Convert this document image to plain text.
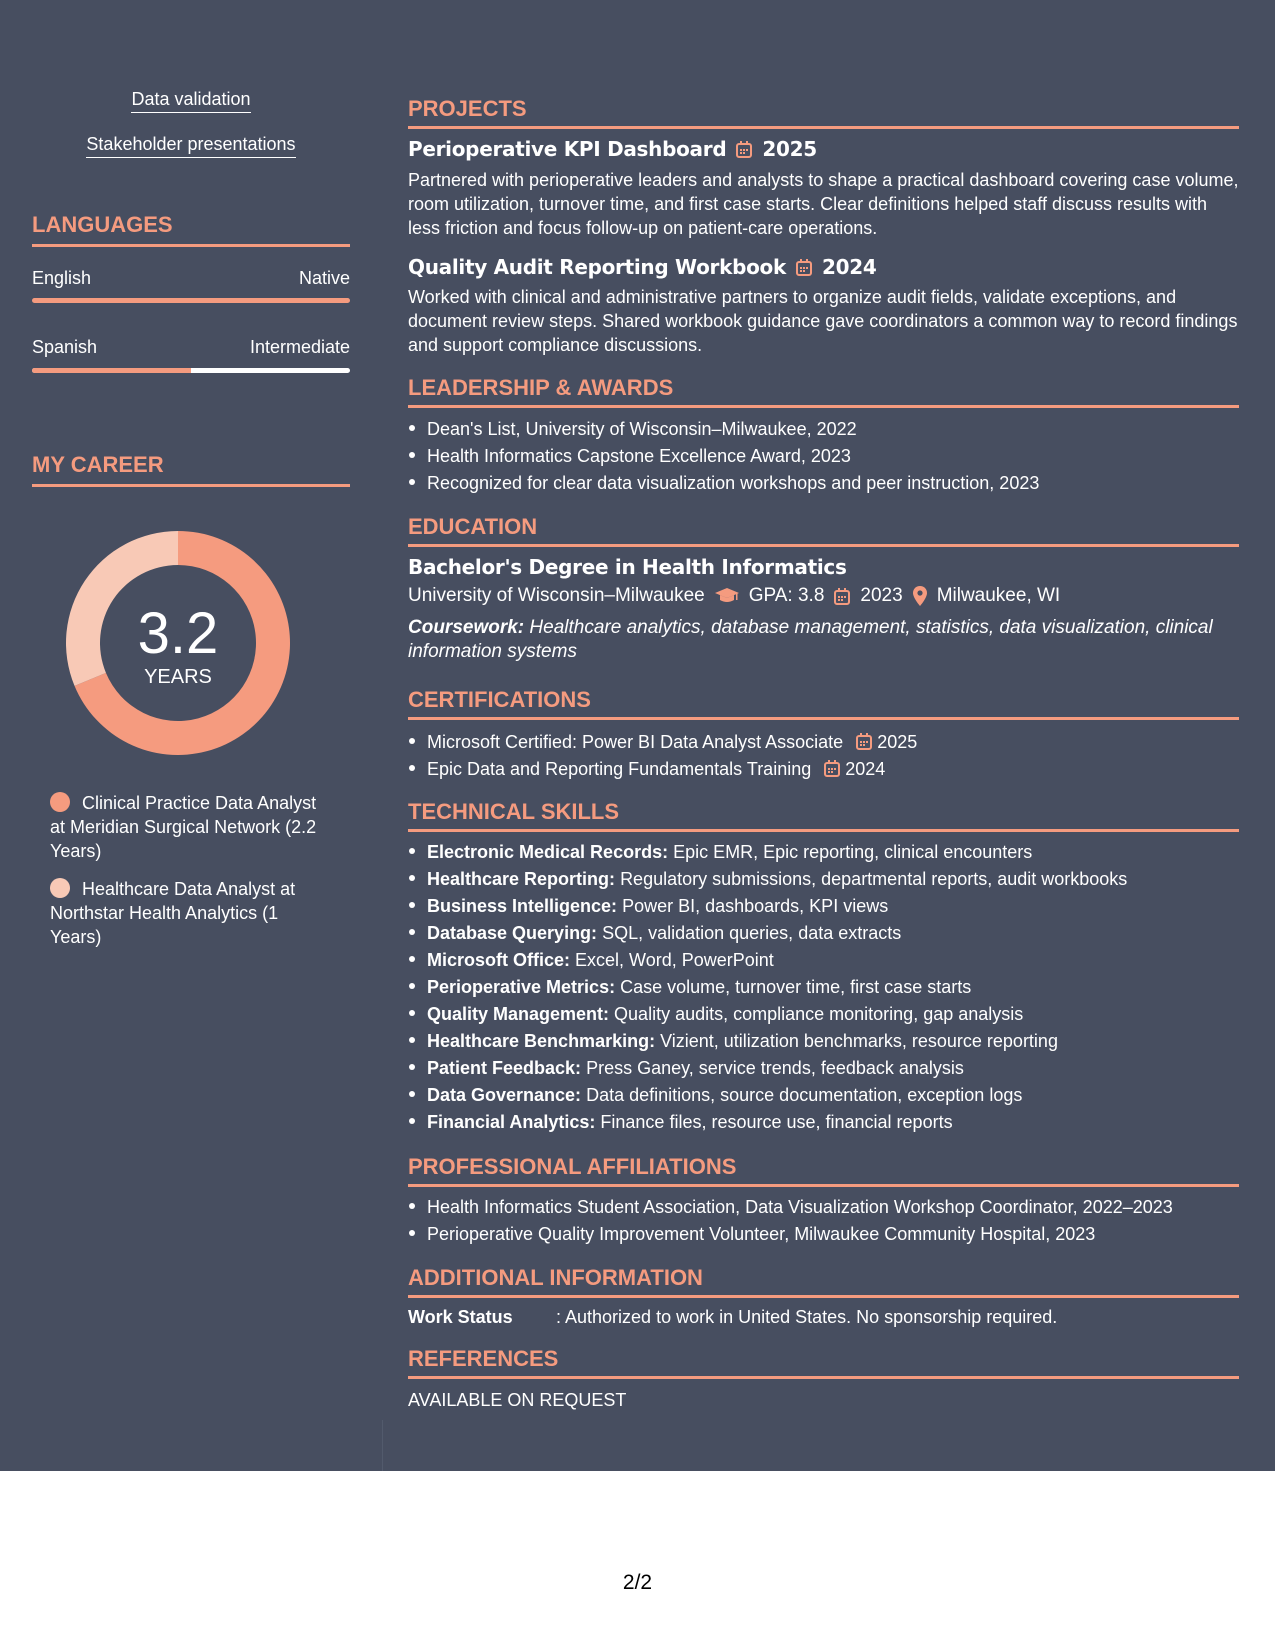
Data validation
Stakeholder presentations
LANGUAGES
English	Native
Spanish	Intermediate
MY CAREER
3.2
YEARS
Clinical Practice Data Analyst at Meridian Surgical Network (2.2 Years)
Healthcare Data Analyst at Northstar Health Analytics (1 Years)
PROJECTS
Perioperative KPI Dashboard 2025
Partnered with perioperative leaders and analysts to shape a practical dashboard covering case volume, room utilization, turnover time, and first case starts. Clear definitions helped staff discuss results with less friction and focus follow-up on patient-care operations.
Quality Audit Reporting Workbook 2024
Worked with clinical and administrative partners to organize audit fields, validate exceptions, and document review steps. Shared workbook guidance gave coordinators a common way to record findings and support compliance discussions.
LEADERSHIP & AWARDS
Dean's List, University of Wisconsin–Milwaukee, 2022
Health Informatics Capstone Excellence Award, 2023
Recognized for clear data visualization workshops and peer instruction, 2023
EDUCATION
Bachelor's Degree in Health Informatics
University of Wisconsin–Milwaukee GPA: 3.8 2023 Milwaukee, WI
Coursework: Healthcare analytics, database management, statistics, data visualization, clinical information systems
CERTIFICATIONS
Microsoft Certified: Power BI Data Analyst Associate 2025
Epic Data and Reporting Fundamentals Training 2024
TECHNICAL SKILLS
Electronic Medical Records: Epic EMR, Epic reporting, clinical encounters
Healthcare Reporting: Regulatory submissions, departmental reports, audit workbooks
Business Intelligence: Power BI, dashboards, KPI views
Database Querying: SQL, validation queries, data extracts
Microsoft Office: Excel, Word, PowerPoint
Perioperative Metrics: Case volume, turnover time, first case starts
Quality Management: Quality audits, compliance monitoring, gap analysis
Healthcare Benchmarking: Vizient, utilization benchmarks, resource reporting
Patient Feedback: Press Ganey, service trends, feedback analysis
Data Governance: Data definitions, source documentation, exception logs
Financial Analytics: Finance files, resource use, financial reports
PROFESSIONAL AFFILIATIONS
Health Informatics Student Association, Data Visualization Workshop Coordinator, 2022–2023
Perioperative Quality Improvement Volunteer, Milwaukee Community Hospital, 2023
ADDITIONAL INFORMATION
Work Status : Authorized to work in United States. No sponsorship required.
REFERENCES
AVAILABLE ON REQUEST
2/2
